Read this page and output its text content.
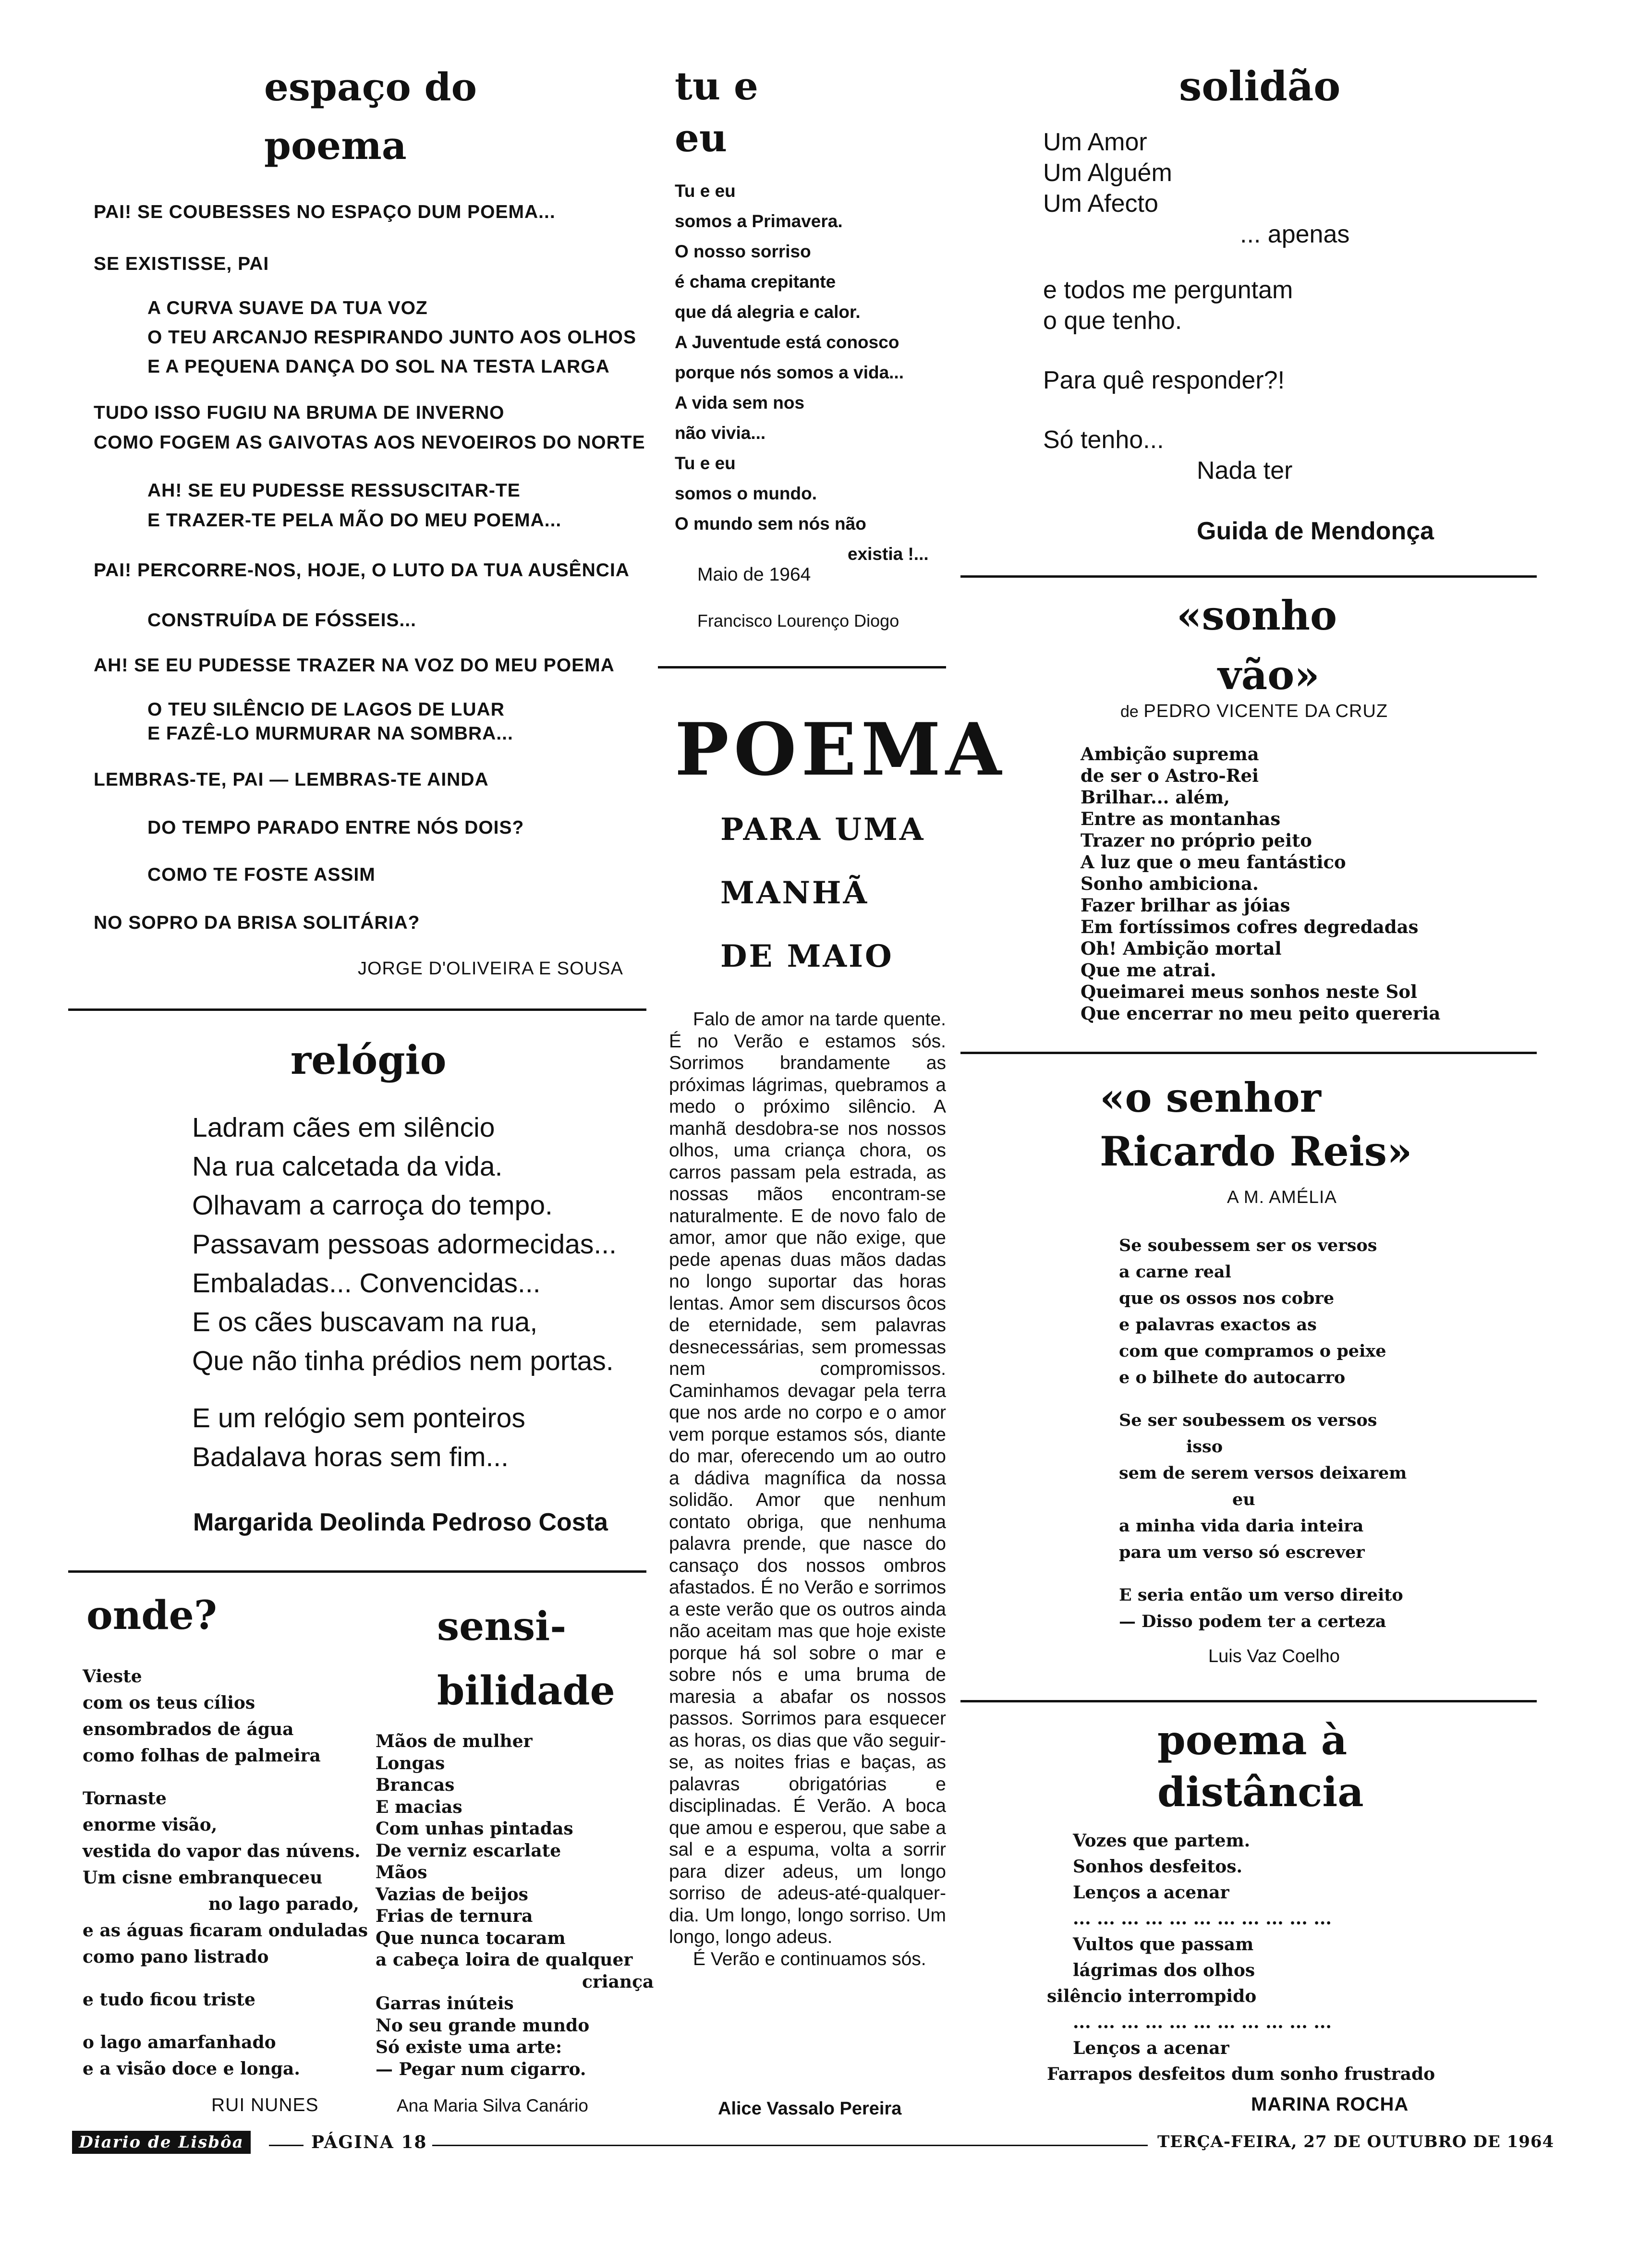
espaço do
poema
PAI! SE COUBESSES NO ESPAÇO DUM POEMA...
SE EXISTISSE, PAI
A CURVA SUAVE DA TUA VOZ
O TEU ARCANJO RESPIRANDO JUNTO AOS OLHOS
E A PEQUENA DANÇA DO SOL NA TESTA LARGA
TUDO ISSO FUGIU NA BRUMA DE INVERNO
COMO FOGEM AS GAIVOTAS AOS NEVOEIROS DO NORTE
AH! SE EU PUDESSE RESSUSCITAR-TE
E TRAZER-TE PELA MÃO DO MEU POEMA...
PAI! PERCORRE-NOS, HOJE, O LUTO DA TUA AUSÊNCIA
CONSTRUÍDA DE FÓSSEIS...
AH! SE EU PUDESSE TRAZER NA VOZ DO MEU POEMA
O TEU SILÊNCIO DE LAGOS DE LUAR
E FAZÊ-LO MURMURAR NA SOMBRA...
LEMBRAS-TE, PAI — LEMBRAS-TE AINDA
DO TEMPO PARADO ENTRE NÓS DOIS?
COMO TE FOSTE ASSIM
NO SOPRO DA BRISA SOLITÁRIA?
JORGE D'OLIVEIRA E SOUSA
tu e
eu
Tu e eu
somos a Primavera.
O nosso sorriso
é chama crepitante
que dá alegria e calor.
A Juventude está conosco
porque nós somos a vida...
A vida sem nos
não vivia...
Tu e eu
somos o mundo.
O mundo sem nós não
existia !...
Maio de 1964
Francisco Lourenço Diogo
POEMA
PARA UMA
MANHÃ
DE MAIO

Falo de amor na tarde quente. É no Verão e estamos sós. Sorrimos brandamente as próximas lágrimas, quebramos a medo o próximo silêncio. A manhã desdobra-se nos nossos olhos, uma criança chora, os carros passam pela estrada, as nossas mãos encontram-se naturalmente. E de novo falo de amor, amor que não exige, que pede apenas duas mãos dadas no longo suportar das horas lentas. Amor sem discursos ôcos de eternidade, sem palavras desnecessárias, sem promessas nem compromissos. Caminhamos devagar pela terra que nos arde no corpo e o amor vem porque estamos sós, diante do mar, oferecendo um ao outro a dádiva magnífica da nossa solidão. Amor que nenhum contato obriga, que nenhuma palavra prende, que nasce do cansaço dos nossos ombros afastados. É no Verão e sorrimos a este verão que os outros ainda não aceitam mas que hoje existe porque há sol sobre o mar e sobre nós e uma bruma de maresia a abafar os nossos passos. Sorrimos para esquecer as horas, os dias que vão seguir-se, as noites frias e baças, as palavras obrigatórias e disciplinadas. É Verão. A boca que amou e esperou, que sabe a sal e a espuma, volta a sorrir para dizer adeus, um longo sorriso de adeus-até-qualquer-dia. Um longo, longo sorriso. Um longo, longo adeus.

É Verão e continuamos sós.

Alice Vassalo Pereira
solidão
Um Amor
Um Alguém
Um Afecto
... apenas
e todos me perguntam
o que tenho.
Para quê responder?!
Só tenho...
Nada ter
Guida de Mendonça
«sonho
vão»
de PEDRO VICENTE DA CRUZ
Ambição suprema
de ser o Astro-Rei
Brilhar... além,
Entre as montanhas
Trazer no próprio peito
A luz que o meu fantástico
Sonho ambiciona.
Fazer brilhar as jóias
Em fortíssimos cofres degredadas
Oh! Ambição mortal
Que me atrai.
Queimarei meus sonhos neste Sol
Que encerrar no meu peito quereria
«o senhor
Ricardo Reis»
A M. AMÉLIA
Se soubessem ser os versos
a carne real
que os ossos nos cobre
e palavras exactos as
com que compramos o peixe
e o bilhete do autocarro
Se ser soubessem os versos
isso
sem de serem versos deixarem
eu
a minha vida daria inteira
para um verso só escrever
E seria então um verso direito
— Disso podem ter a certeza
Luis Vaz Coelho
poema à
distância
Vozes que partem.
Sonhos desfeitos.
Lenços a acenar
... ... ... ... ... ... ... ... ... ... ...
Vultos que passam
lágrimas dos olhos
silêncio interrompido
... ... ... ... ... ... ... ... ... ... ...
Lenços a acenar
Farrapos desfeitos dum sonho frustrado
MARINA ROCHA
relógio
Ladram cães em silêncio
Na rua calcetada da vida.
Olhavam a carroça do tempo.
Passavam pessoas adormecidas...
Embaladas... Convencidas...
E os cães buscavam na rua,
Que não tinha prédios nem portas.
E um relógio sem ponteiros
Badalava horas sem fim...
Margarida Deolinda Pedroso Costa
onde?
Vieste
com os teus cílios
ensombrados de água
como folhas de palmeira
Tornaste
enorme visão,
vestida do vapor das núvens.
Um cisne embranqueceu
no lago parado,
e as águas ficaram onduladas
como pano listrado
e tudo ficou triste
o lago amarfanhado
e a visão doce e longa.
RUI NUNES
sensi-
bilidade
Mãos de mulher
Longas
Brancas
E macias
Com unhas pintadas
De verniz escarlate
Mãos
Vazias de beijos
Frias de ternura
Que nunca tocaram
a cabeça loira de qualquer
criança
Garras inúteis
No seu grande mundo
Só existe uma arte:
— Pegar num cigarro.
Ana Maria Silva Canário
Diario de Lisbôa	PÁGINA 18	TERÇA-FEIRA, 27 DE OUTUBRO DE 1964
